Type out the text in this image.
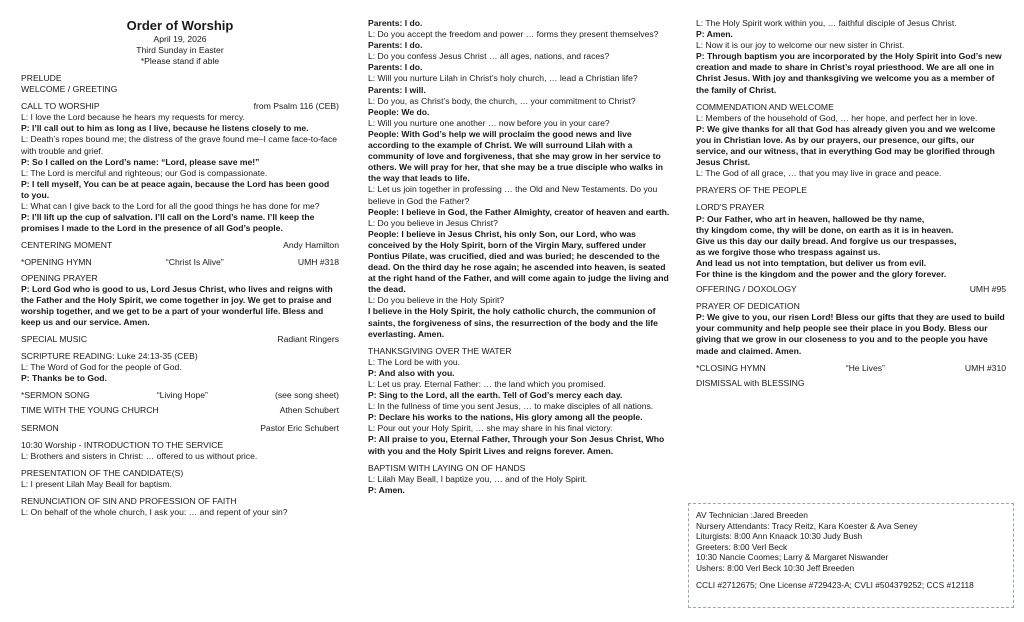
Order of Worship
April 19, 2026
Third Sunday in Easter
*Please stand if able
PRELUDE
WELCOME / GREETING
CALL TO WORSHIP	from Psalm 116 (CEB)
L: I love the Lord because he hears my requests for mercy.
P: I’ll call out to him as long as I live, because he listens closely to me.
L: Death’s ropes bound me; the distress of the grave found me–I came face-to-face with trouble and grief.
P: So I called on the Lord’s name: “Lord, please save me!”
L: The Lord is merciful and righteous; our God is compassionate.
P: I tell myself, You can be at peace again, because the Lord has been good to you.
L: What can I give back to the Lord for all the good things he has done for me?
P: I’ll lift up the cup of salvation. I’ll call on the Lord’s name. I’ll keep the promises I made to the Lord in the presence of all God’s people.
CENTERING MOMENT	Andy Hamilton
*OPENING HYMN	“Christ Is Alive”	UMH #318
OPENING PRAYER
P: Lord God who is good to us, Lord Jesus Christ, who lives and reigns with the Father and the Holy Spirit, we come together in joy. We get to praise and worship together, and we get to be a part of your wonderful life. Bless and keep us and our service. Amen.
SPECIAL MUSIC	Radiant Ringers
SCRIPTURE READING: Luke 24:13-35 (CEB)
L: The Word of God for the people of God.
P: Thanks be to God.
*SERMON SONG	“Living Hope”	(see song sheet)
TIME WITH THE YOUNG CHURCH	Athen Schubert
SERMON	Pastor Eric Schubert
10:30 Worship - INTRODUCTION TO THE SERVICE
L: Brothers and sisters in Christ: … offered to us without price.
PRESENTATION OF THE CANDIDATE(S)
L: I present Lilah May Beall for baptism.
RENUNCIATION OF SIN AND PROFESSION OF FAITH
L: On behalf of the whole church, I ask you: … and repent of your sin?
Parents: I do.
L: Do you accept the freedom and power … forms they present themselves?
Parents: I do.
L: Do you confess Jesus Christ … all ages, nations, and races?
Parents: I do.
L: Will you nurture Lilah in Christ’s holy church, … lead a Christian life?
Parents: I will.
L: Do you, as Christ’s body, the church, … your commitment to Christ?
People: We do.
L: Will you nurture one another … now before you in your care?
People: With God’s help we will proclaim the good news and live according to the example of Christ. We will surround Lilah with a community of love and forgiveness, that she may grow in her service to others. We will pray for her, that she may be a true disciple who walks in the way that leads to life.
L: Let us join together in professing … the Old and New Testaments. Do you believe in God the Father?
People: I believe in God, the Father Almighty, creator of heaven and earth.
L: Do you believe in Jesus Christ?
People: I believe in Jesus Christ, his only Son, our Lord, who was conceived by the Holy Spirit, born of the Virgin Mary, suffered under Pontius Pilate, was crucified, died and was buried; he descended to the dead. On the third day he rose again; he ascended into heaven, is seated at the right hand of the Father, and will come again to judge the living and the dead.
L: Do you believe in the Holy Spirit?
I believe in the Holy Spirit, the holy catholic church, the communion of saints, the forgiveness of sins, the resurrection of the body and the life everlasting. Amen.
THANKSGIVING OVER THE WATER
L: The Lord be with you.
P: And also with you.
L: Let us pray. Eternal Father: … the land which you promised.
P: Sing to the Lord, all the earth. Tell of God’s mercy each day.
L: In the fullness of time you sent Jesus, … to make disciples of all nations.
P: Declare his works to the nations, His glory among all the people.
L: Pour out your Holy Spirit, … she may share in his final victory.
P: All praise to you, Eternal Father, Through your Son Jesus Christ, Who with you and the Holy Spirit Lives and reigns forever. Amen.
BAPTISM WITH LAYING ON OF HANDS
L: Lilah May Beall, I baptize you, … and of the Holy Spirit.
P: Amen.
L: The Holy Spirit work within you, … faithful disciple of Jesus Christ.
P: Amen.
L: Now it is our joy to welcome our new sister in Christ.
P: Through baptism you are incorporated by the Holy Spirit into God’s new creation and made to share in Christ’s royal priesthood. We are all one in Christ Jesus. With joy and thanksgiving we welcome you as a member of the family of Christ.
COMMENDATION AND WELCOME
L: Members of the household of God, … her hope, and perfect her in love.
P: We give thanks for all that God has already given you and we welcome you in Christian love. As by our prayers, our presence, our gifts, our service, and our witness, that in everything God may be glorified through Jesus Christ.
L: The God of all grace, … that you may live in grace and peace.
PRAYERS OF THE PEOPLE
LORD'S PRAYER
P: Our Father, who art in heaven, hallowed be thy name,
thy kingdom come, thy will be done, on earth as it is in heaven.
Give us this day our daily bread. And forgive us our trespasses,
as we forgive those who trespass against us.
And lead us not into temptation, but deliver us from evil.
For thine is the kingdom and the power and the glory forever.
OFFERING / DOXOLOGY	UMH #95
PRAYER OF DEDICATION
P: We give to you, our risen Lord! Bless our gifts that they are used to build your community and help people see their place in you Body. Bless our giving that we grow in our closeness to you and to the people you have made and claimed. Amen.
*CLOSING HYMN	“He Lives”	UMH #310
DISMISSAL with BLESSING
AV Technician :Jared Breeden
Nursery Attendants: Tracy Reitz, Kara Koester & Ava Seney
Liturgists: 8:00 Ann Knaack 10:30 Judy Bush
Greeters: 8:00 Verl Beck
10:30 Nancie Coomes; Larry & Margaret Niswander
Ushers: 8:00 Verl Beck 10:30 Jeff Breeden
CCLI #2712675; One License #729423-A; CVLI #504379252; CCS #12118
